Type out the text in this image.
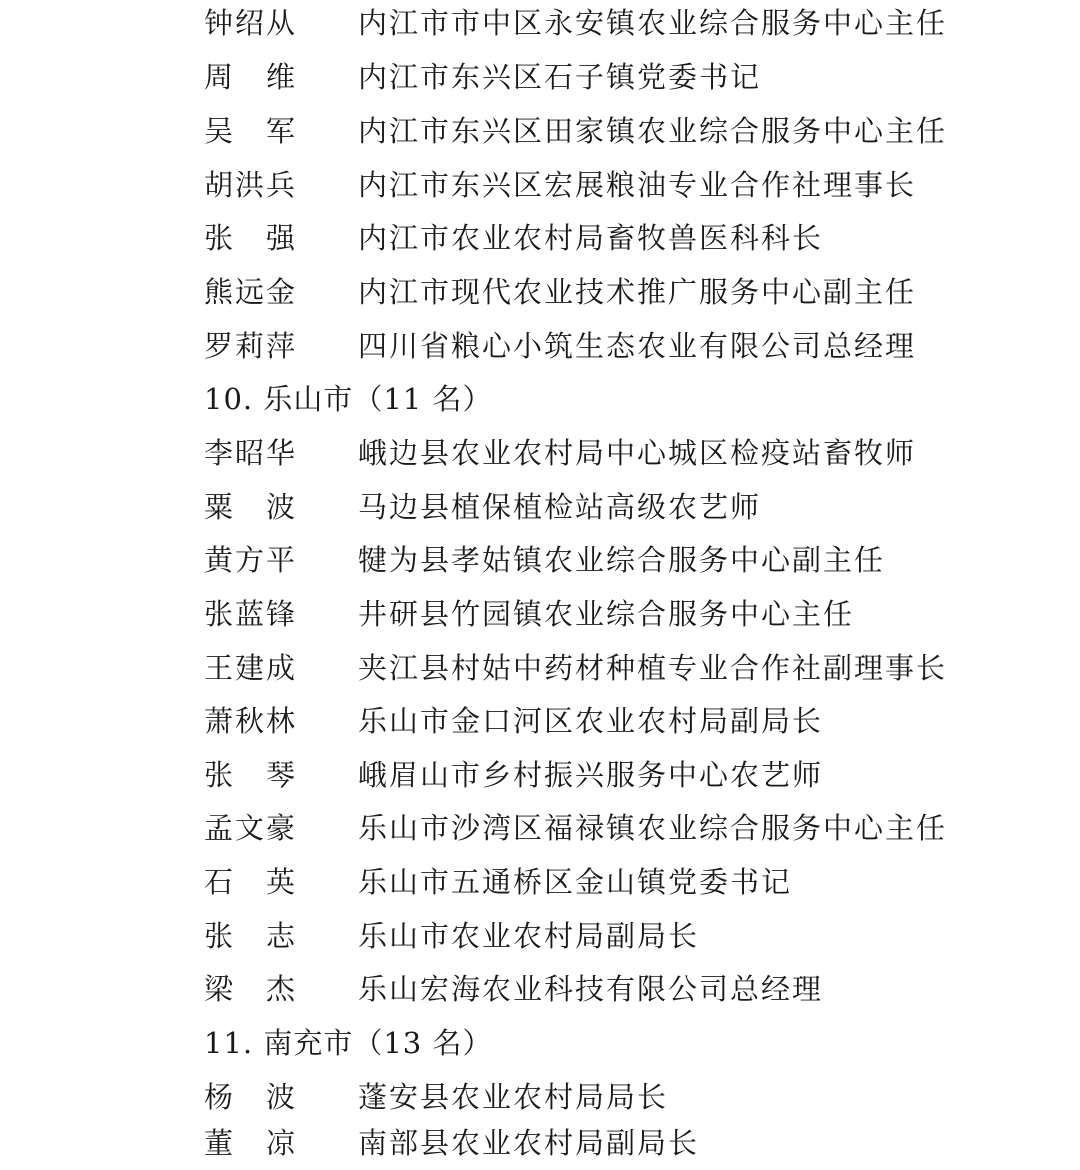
钟绍从 内江市市中区永安镇农业综合服务中心主任
周　维 内江市东兴区石子镇党委书记
吴　军 内江市东兴区田家镇农业综合服务中心主任
胡洪兵 内江市东兴区宏展粮油专业合作社理事长
张　强 内江市农业农村局畜牧兽医科科长
熊远金 内江市现代农业技术推广服务中心副主任
罗莉萍 四川省粮心小筑生态农业有限公司总经理
10. 乐山市（11 名）
李昭华 峨边县农业农村局中心城区检疫站畜牧师
粟　波 马边县植保植检站高级农艺师
黄方平 犍为县孝姑镇农业综合服务中心副主任
张蓝锋 井研县竹园镇农业综合服务中心主任
王建成 夹江县村姑中药材种植专业合作社副理事长
萧秋林 乐山市金口河区农业农村局副局长
张　琴 峨眉山市乡村振兴服务中心农艺师
孟文豪 乐山市沙湾区福禄镇农业综合服务中心主任
石　英 乐山市五通桥区金山镇党委书记
张　志 乐山市农业农村局副局长
梁　杰 乐山宏海农业科技有限公司总经理
11. 南充市（13 名）
杨　波 蓬安县农业农村局局长
董　凉 南部县农业农村局副局长
